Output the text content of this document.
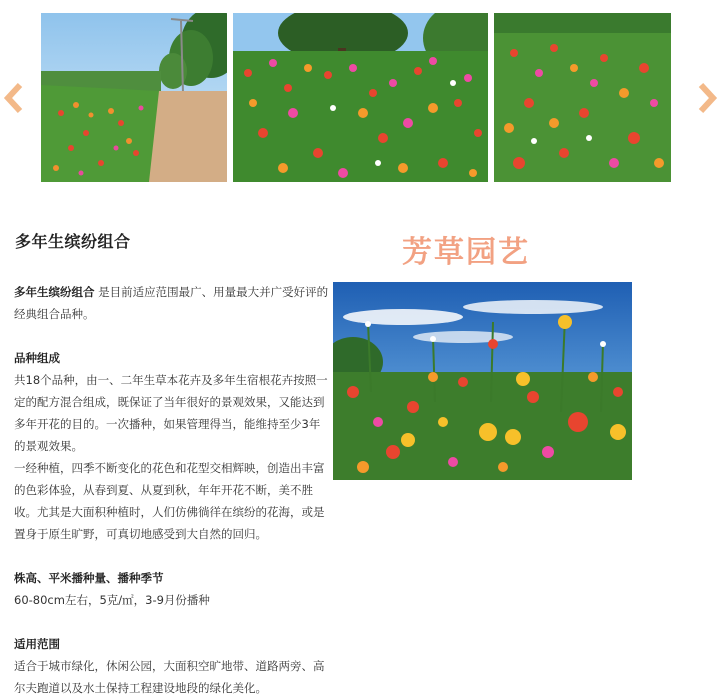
多年生缤纷组合	芳草园艺

多年生缤纷组合 是目前适应范围最广、用量最大并广受好评的经典组合品种。

品种组成

共18个品种，由一、二年生草本花卉及多年生宿根花卉按照一定的配方混合组成，既保证了当年很好的景观效果，又能达到多年开花的目的。一次播种，如果管理得当，能维持至少3年的景观效果。

一经种植，四季不断变化的花色和花型交相辉映，创造出丰富的色彩体验，从春到夏、从夏到秋，年年开花不断，美不胜收。尤其是大面积种植时，人们仿佛徜徉在缤纷的花海，或是置身于原生旷野，可真切地感受到大自然的回归。

株高、平米播种量、播种季节

60-80cm左右，5克/㎡，3-9月份播种

适用范围

适合于城市绿化，休闲公园，大面积空旷地带、道路两旁、高尔夫跑道以及水土保持工程建设地段的绿化美化。
